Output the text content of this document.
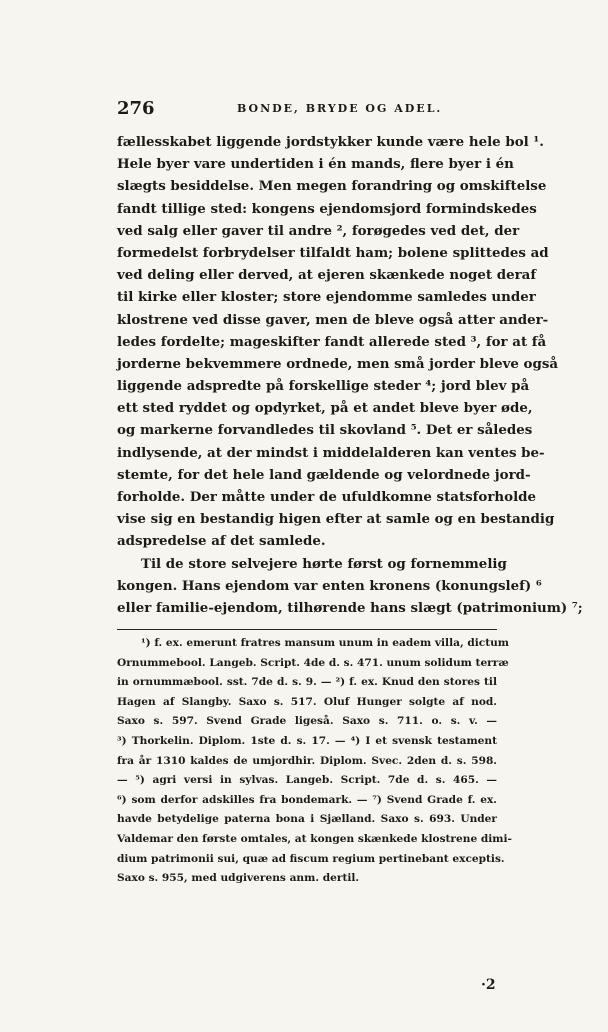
276	BONDE, BRYDE OG ADEL.
fællesskabet liggende jordstykker kunde være hele bol ¹.
Hele byer vare undertiden i én mands, flere byer i én
slægts besiddelse. Men megen forandring og omskiftelse
fandt tillige sted: kongens ejendomsjord formindskedes
ved salg eller gaver til andre ², forøgedes ved det, der
formedelst forbrydelser tilfaldt ham; bolene splittedes ad
ved deling eller derved, at ejeren skænkede noget deraf
til kirke eller kloster; store ejendomme samledes under
klostrene ved disse gaver, men de bleve også atter ander-
ledes fordelte; mageskifter fandt allerede sted ³, for at få
jorderne bekvemmere ordnede, men små jorder bleve også
liggende adspredte på forskellige steder ⁴; jord blev på
ett sted ryddet og opdyrket, på et andet bleve byer øde,
og markerne forvandledes til skovland ⁵. Det er således
indlysende, at der mindst i middelalderen kan ventes be-
stemte, for det hele land gældende og velordnede jord-
forholde. Der måtte under de ufuldkomne statsforholde
vise sig en bestandig higen efter at samle og en bestandig
adspredelse af det samlede.
Til de store selvejere hørte først og fornemmelig
kongen. Hans ejendom var enten kronens (konungslef) ⁶
eller familie-ejendom, tilhørende hans slægt (patrimonium) ⁷;
¹) f. ex. emerunt fratres mansum unum in eadem villa, dictum
Ornummebool. Langeb. Script. 4de d. s. 471. unum solidum terræ
in ornummæbool. sst. 7de d. s. 9. — ²) f. ex. Knud den stores til
Hagen af Slangby. Saxo s. 517. Oluf Hunger solgte af nod.
Saxo s. 597. Svend Grade ligeså. Saxo s. 711. o. s. v. —
³) Thorkelin. Diplom. 1ste d. s. 17. — ⁴) I et svensk testament
fra år 1310 kaldes de umjordhir. Diplom. Svec. 2den d. s. 598.
— ⁵) agri versi in sylvas. Langeb. Script. 7de d. s. 465. —
⁶) som derfor adskilles fra bondemark. — ⁷) Svend Grade f. ex.
havde betydelige paterna bona i Sjælland. Saxo s. 693. Under
Valdemar den første omtales, at kongen skænkede klostrene dimi-
dium patrimonii sui, quæ ad fiscum regium pertinebant exceptis.
Saxo s. 955, med udgiverens anm. dertil.
·2
